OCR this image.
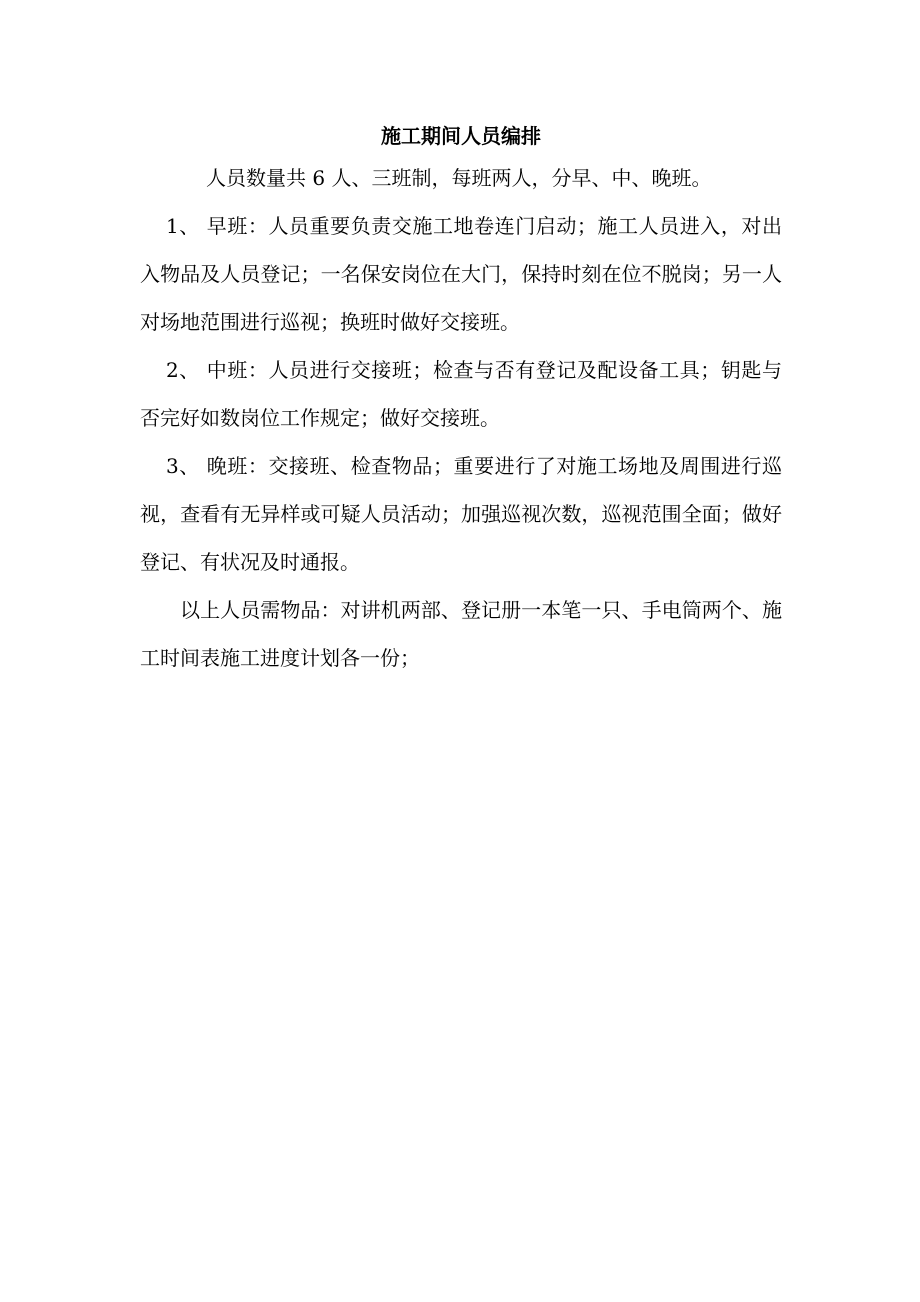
施工期间人员编排

人员数量共 6 人、三班制，每班两人，分早、中、晚班。

1、 早班：人员重要负责交施工地卷连门启动；施工人员进入，对出入物品及人员登记；一名保安岗位在大门，保持时刻在位不脱岗；另一人对场地范围进行巡视；换班时做好交接班。

2、 中班：人员进行交接班；检查与否有登记及配设备工具；钥匙与否完好如数岗位工作规定；做好交接班。

3、 晚班：交接班、检查物品；重要进行了对施工场地及周围进行巡视，查看有无异样或可疑人员活动；加强巡视次数，巡视范围全面；做好登记、有状况及时通报。

以上人员需物品：对讲机两部、登记册一本笔一只、手电筒两个、施工时间表施工进度计划各一份；
